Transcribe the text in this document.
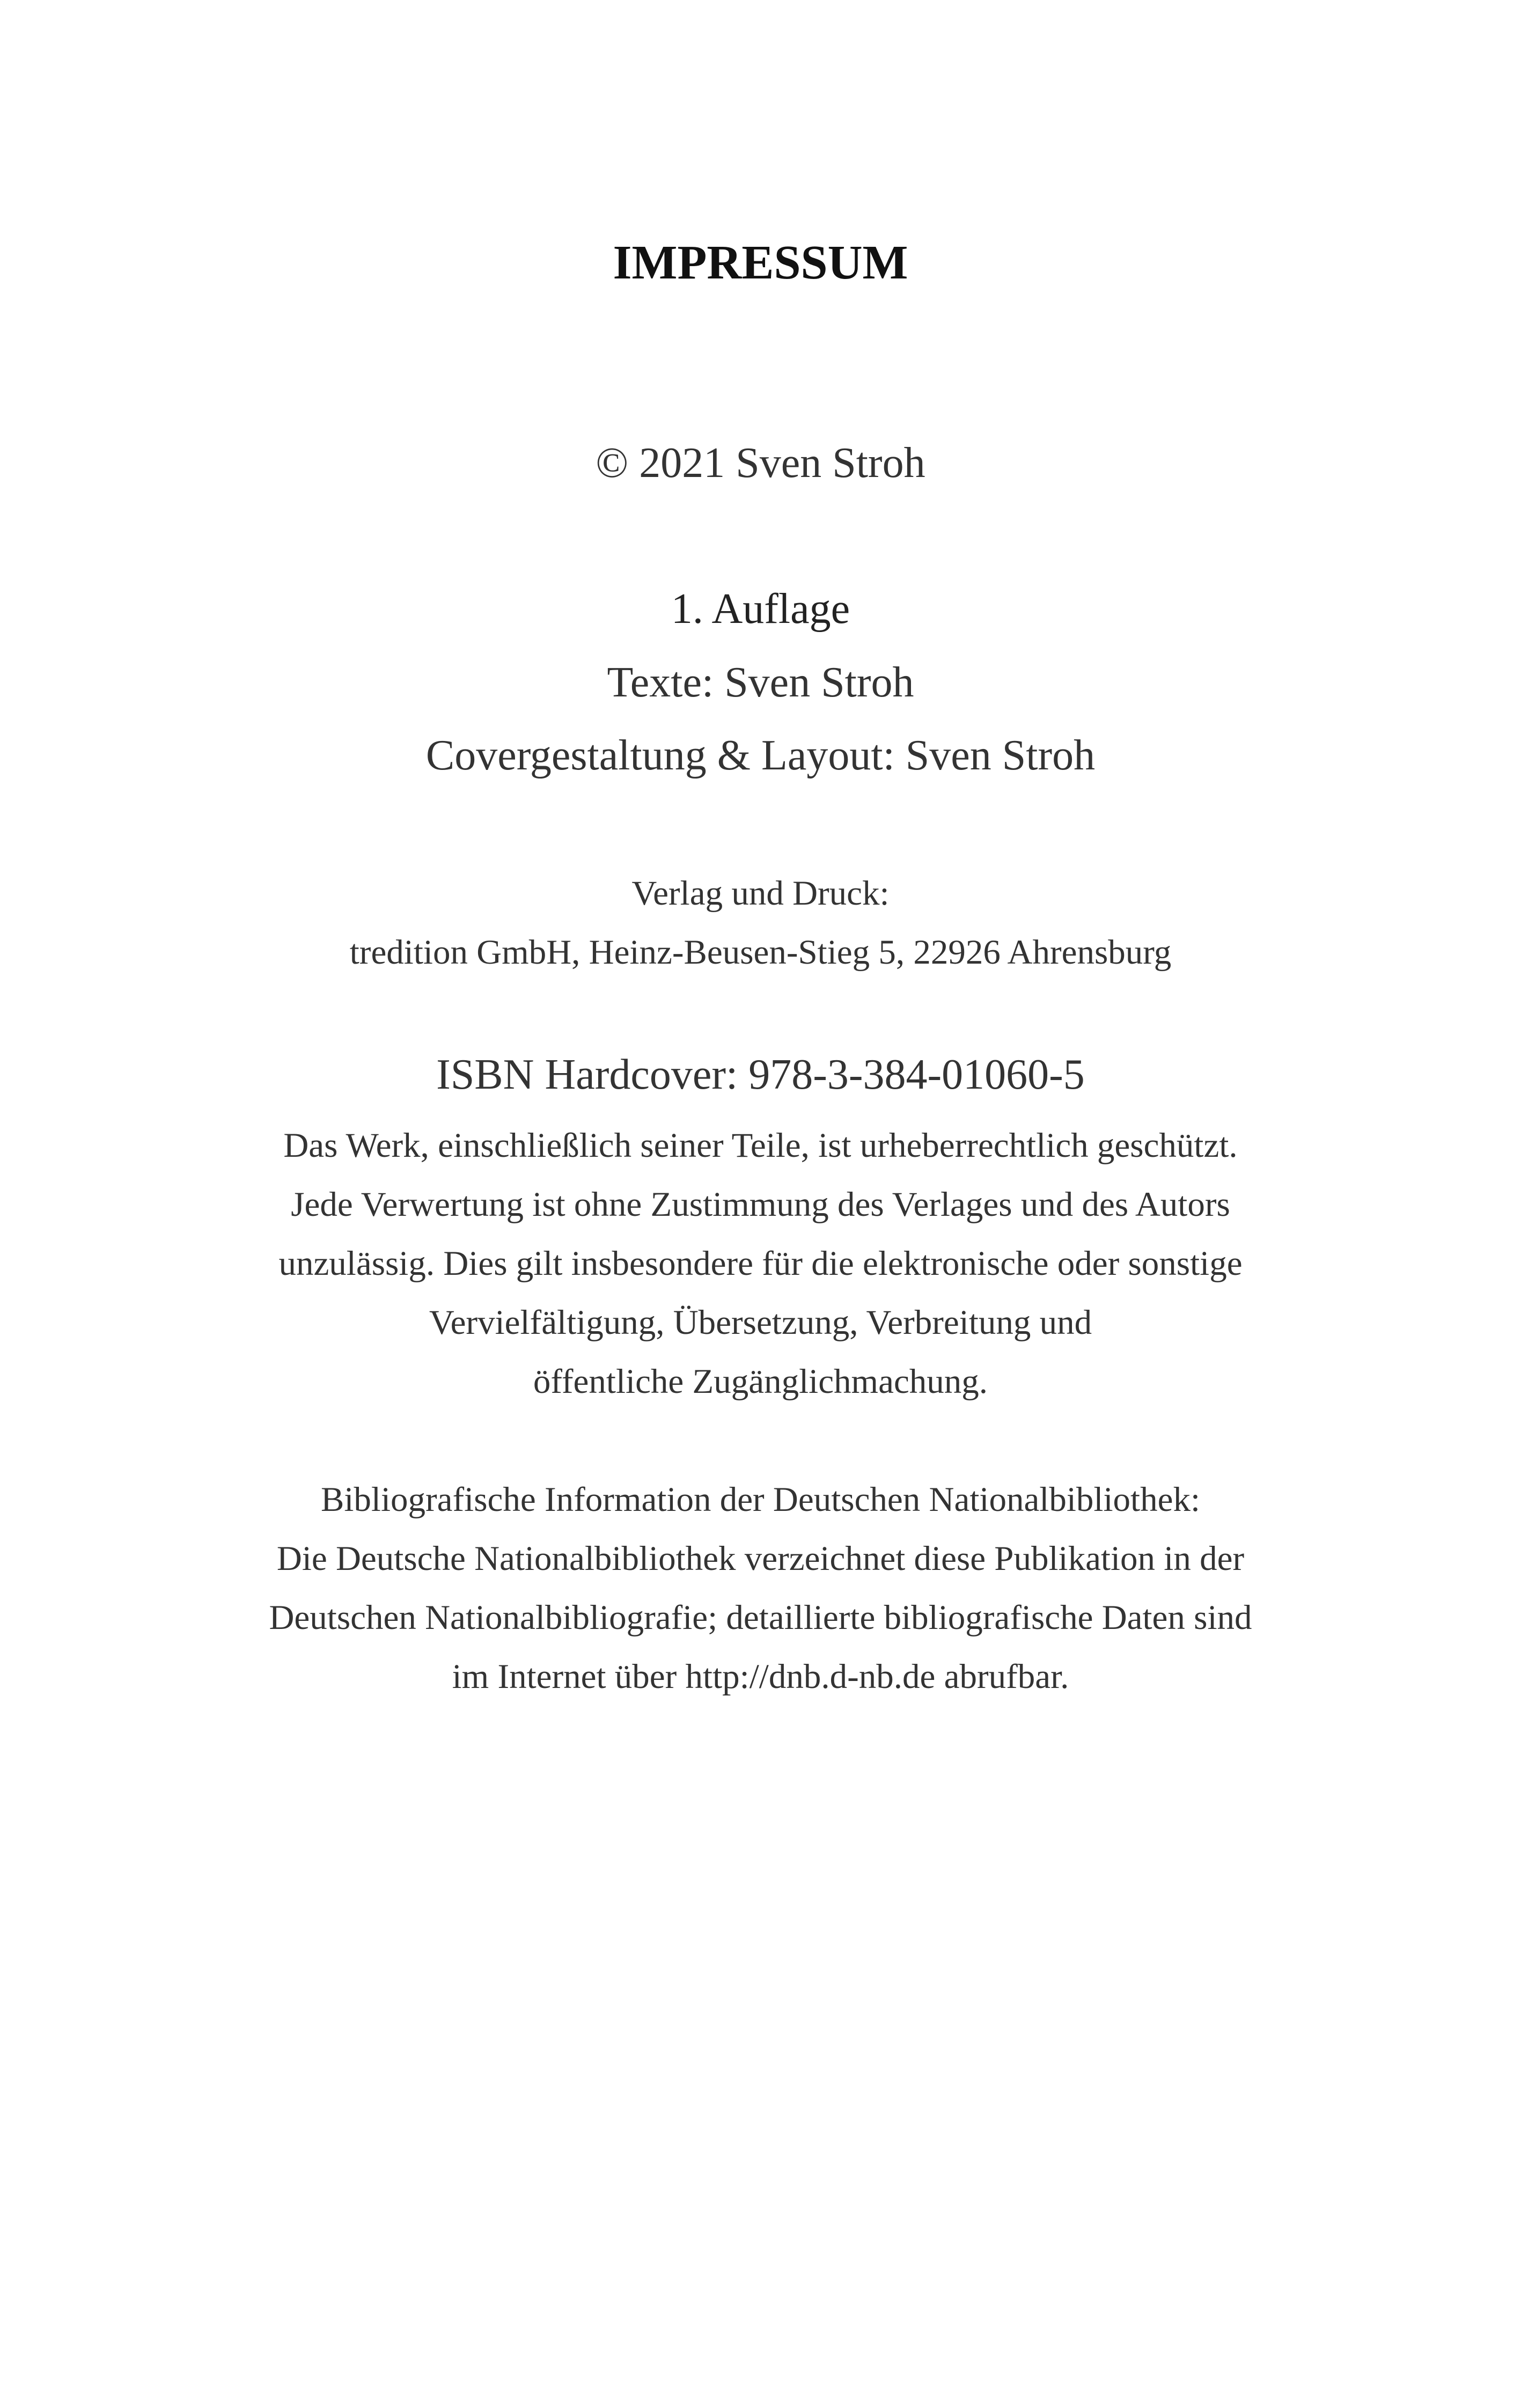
IMPRESSUM
© 2021 Sven Stroh
1. Auflage
Texte: Sven Stroh
Covergestaltung & Layout: Sven Stroh
Verlag und Druck:
tredition GmbH, Heinz-Beusen-Stieg 5, 22926 Ahrensburg
ISBN Hardcover: 978-3-384-01060-5
Das Werk, einschließlich seiner Teile, ist urheberrechtlich geschützt.
Jede Verwertung ist ohne Zustimmung des Verlages und des Autors
unzulässig. Dies gilt insbesondere für die elektronische oder sonstige
Vervielfältigung, Übersetzung, Verbreitung und
öffentliche Zugänglichmachung.
Bibliografische Information der Deutschen Nationalbibliothek:
Die Deutsche Nationalbibliothek verzeichnet diese Publikation in der
Deutschen Nationalbibliografie; detaillierte bibliografische Daten sind
im Internet über http://dnb.d-nb.de abrufbar.
